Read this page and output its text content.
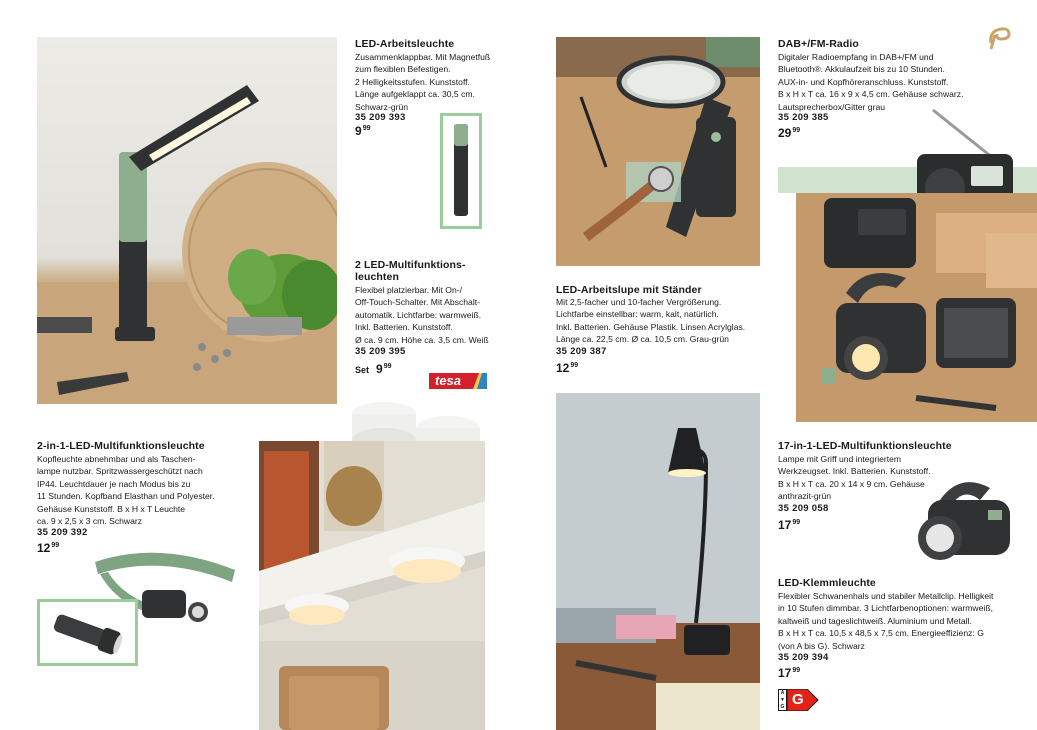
LED-Arbeitsleuchte
Zusammenklappbar. Mit Magnetfuß
zum flexiblen Befestigen.
2 Helligkeitsstufen. Kunststoff.
Länge aufgeklappt ca. 30,5 cm.
Schwarz-grün
35 209 393
$9^{99}$
2 LED-Multifunktions-
leuchten
Flexibel platzierbar. Mit On-/
Off-Touch-Schalter. Mit Abschalt-
automatik. Lichtfarbe: warmweiß.
Inkl. Batterien. Kunststoff.
Ø ca. 9 cm. Höhe ca. 3,5 cm. Weiß
35 209 395
Set $9^{99}$
tesa
2-in-1-LED-Multifunktionsleuchte
Kopfleuchte abnehmbar und als Taschen-
lampe nutzbar. Spritzwassergeschützt nach
IP44. Leuchtdauer je nach Modus bis zu
11 Stunden. Kopfband Elasthan und Polyester.
Gehäuse Kunststoff. B x H x T Leuchte
ca. 9 x 2,5 x 3 cm. Schwarz
35 209 392
$12^{99}$
LED-Arbeitslupe mit Ständer
Mit 2,5-facher und 10-facher Vergrößerung.
Lichtfarbe einstellbar: warm, kalt, natürlich.
Inkl. Batterien. Gehäuse Plastik. Linsen Acrylglas.
Länge ca. 22,5 cm. Ø ca. 10,5 cm. Grau-grün
35 209 387
$12^{99}$
DAB+/FM-Radio
Digitaler Radioempfang in DAB+/FM und
Bluetooth®. Akkulaufzeit bis zu 10 Stunden.
AUX-in- und Kopfhöreranschluss. Kunststoff.
B x H x T ca. 16 x 9 x 4,5 cm. Gehäuse schwarz.
Lautsprecherbox/Gitter grau
35 209 385
$29^{99}$
17-in-1-LED-Multifunktionsleuchte
Lampe mit Griff und integriertem
Werkzeugset. Inkl. Batterien. Kunststoff.
B x H x T ca. 20 x 14 x 9 cm. Gehäuse
anthrazit-grün
35 209 058
$17^{99}$
LED-Klemmleuchte
Flexibler Schwanenhals und stabiler Metallclip. Helligkeit
in 10 Stufen dimmbar. 3 Lichtfarbenoptionen: warmweiß,
kaltweiß und tageslichtweiß. Aluminium und Metall.
B x H x T ca. 10,5 x 48,5 x 7,5 cm. Energieeffizienz: G
(von A bis G). Schwarz
35 209 394
$17^{99}$
A
▼
G G
